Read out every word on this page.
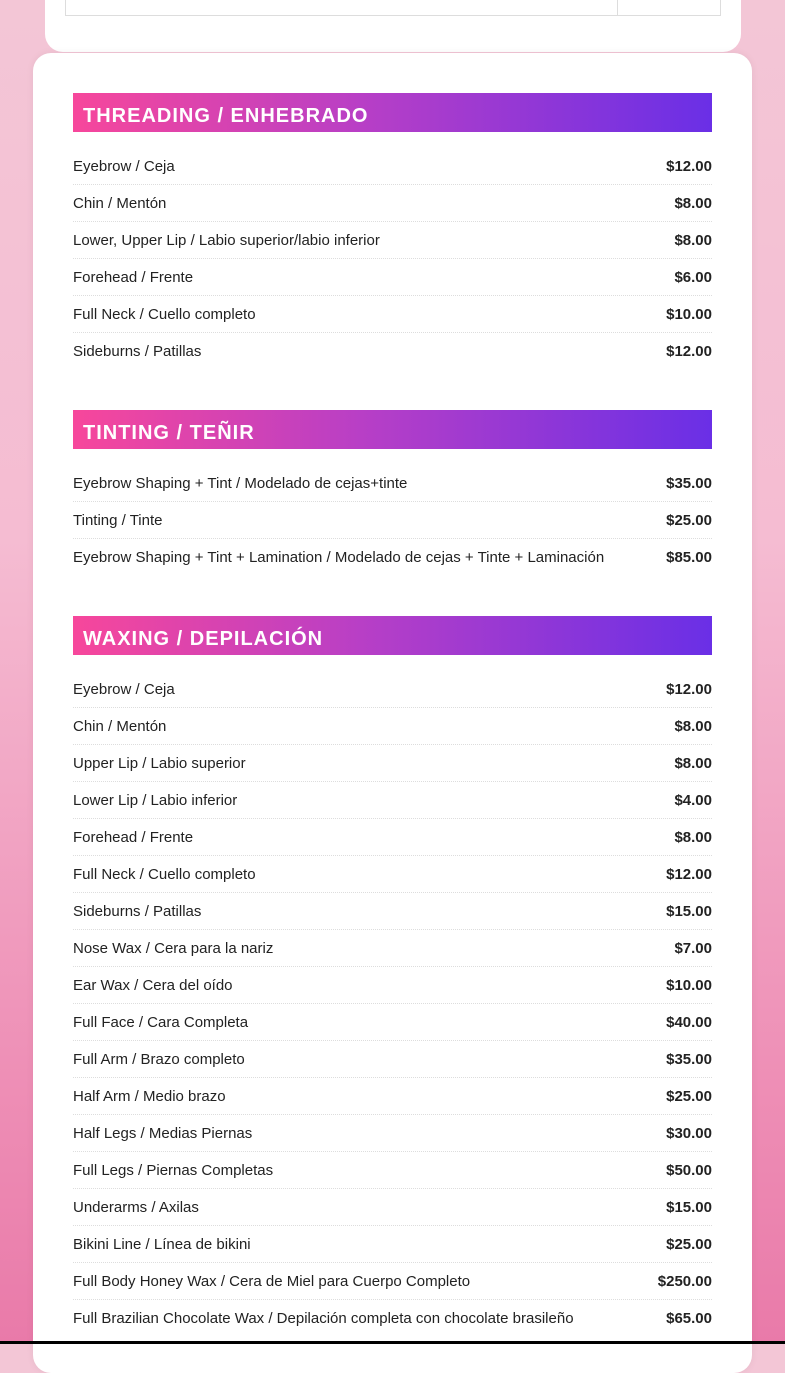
THREADING / ENHEBRADO
Eyebrow / Ceja	$12.00
Chin / Mentón	$8.00
Lower, Upper Lip / Labio superior/labio inferior	$8.00
Forehead / Frente	$6.00
Full Neck / Cuello completo	$10.00
Sideburns / Patillas	$12.00
TINTING / TEÑIR
Eyebrow Shaping + Tint / Modelado de cejas+tinte	$35.00
Tinting / Tinte	$25.00
Eyebrow Shaping + Tint + Lamination / Modelado de cejas + Tinte + Laminación	$85.00
WAXING / DEPILACIÓN
Eyebrow / Ceja	$12.00
Chin / Mentón	$8.00
Upper Lip / Labio superior	$8.00
Lower Lip / Labio inferior	$4.00
Forehead / Frente	$8.00
Full Neck / Cuello completo	$12.00
Sideburns / Patillas	$15.00
Nose Wax / Cera para la nariz	$7.00
Ear Wax / Cera del oído	$10.00
Full Face / Cara Completa	$40.00
Full Arm / Brazo completo	$35.00
Half Arm / Medio brazo	$25.00
Half Legs / Medias Piernas	$30.00
Full Legs / Piernas Completas	$50.00
Underarms / Axilas	$15.00
Bikini Line / Línea de bikini	$25.00
Full Body Honey Wax / Cera de Miel para Cuerpo Completo	$250.00
Full Brazilian Chocolate Wax / Depilación completa con chocolate brasileño	$65.00
